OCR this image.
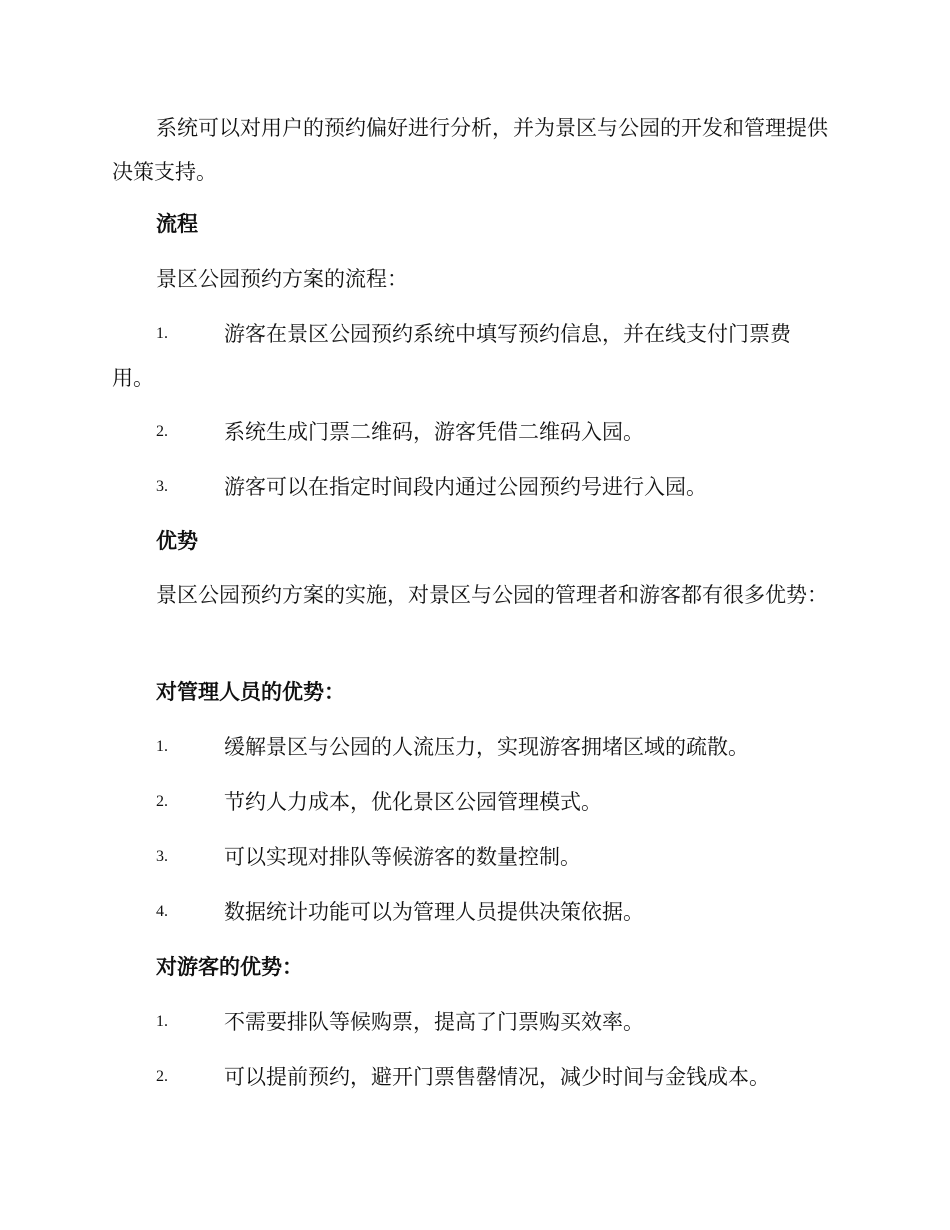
系统可以对用户的预约偏好进行分析，并为景区与公园的开发和管理提供决策支持。
流程
景区公园预约方案的流程：
1.	游客在景区公园预约系统中填写预约信息，并在线支付门票费用。
2.	系统生成门票二维码，游客凭借二维码入园。
3.	游客可以在指定时间段内通过公园预约号进行入园。
优势
景区公园预约方案的实施，对景区与公园的管理者和游客都有很多优势：
对管理人员的优势：
1.	缓解景区与公园的人流压力，实现游客拥堵区域的疏散。
2.	节约人力成本，优化景区公园管理模式。
3.	可以实现对排队等候游客的数量控制。
4.	数据统计功能可以为管理人员提供决策依据。
对游客的优势：
1.	不需要排队等候购票，提高了门票购买效率。
2.	可以提前预约，避开门票售罄情况，减少时间与金钱成本。
